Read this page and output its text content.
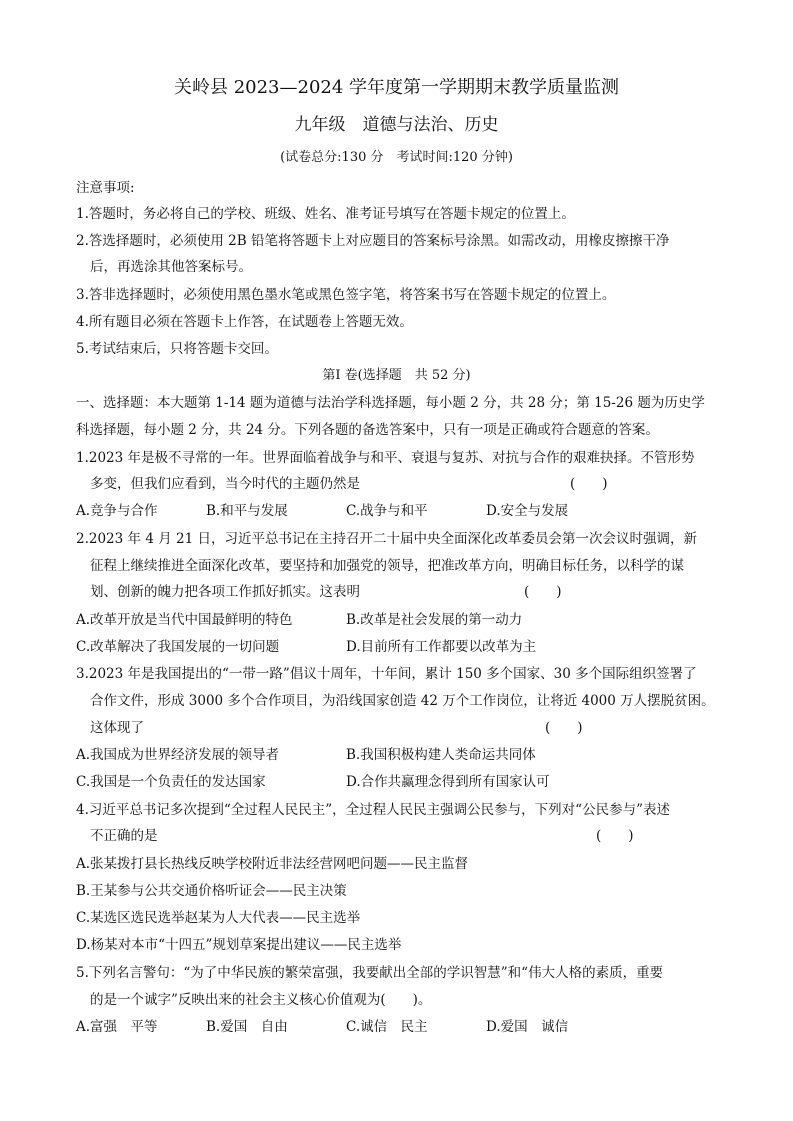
关岭县 2023—2024 学年度第一学期期末教学质量监测
九年级　道德与法治、历史
(试卷总分:130 分　考试时间:120 分钟)
注意事项:
1.答题时，务必将自己的学校、班级、姓名、准考证号填写在答题卡规定的位置上。
2.答选择题时，必须使用 2B 铅笔将答题卡上对应题目的答案标号涂黑。如需改动，用橡皮擦擦干净
后，再选涂其他答案标号。
3.答非选择题时，必须使用黑色墨水笔或黑色签字笔，将答案书写在答题卡规定的位置上。
4.所有题目必须在答题卡上作答，在试题卷上答题无效。
5.考试结束后，只将答题卡交回。
第Ⅰ 卷(选择题　共 52 分)
一、选择题：本大题第 1-14 题为道德与法治学科选择题，每小题 2 分，共 28 分；第 15-26 题为历史学
科选择题，每小题 2 分，共 24 分。下列各题的备选答案中，只有一项是正确或符合题意的答案。
1.2023 年是极不寻常的一年。世界面临着战争与和平、衰退与复苏、对抗与合作的艰难抉择。不管形势
多变，但我们应看到，当今时代的主题仍然是	(　　)
A.竞争与合作	B.和平与发展	C.战争与和平	D.安全与发展
2.2023 年 4 月 21 日，习近平总书记在主持召开二十届中央全面深化改革委员会第一次会议时强调，新
征程上继续推进全面深化改革，要坚持和加强党的领导，把准改革方向，明确目标任务，以科学的谋
划、创新的魄力把各项工作抓好抓实。这表明	(　　)
A.改革开放是当代中国最鲜明的特色	B.改革是社会发展的第一动力
C.改革解决了我国发展的一切问题	D.目前所有工作都要以改革为主
3.2023 年是我国提出的“一带一路”倡议十周年，十年间，累计 150 多个国家、30 多个国际组织签署了
合作文件，形成 3000 多个合作项目，为沿线国家创造 42 万个工作岗位，让将近 4000 万人摆脱贫困。
这体现了	(　　)
A.我国成为世界经济发展的领导者	B.我国积极构建人类命运共同体
C.我国是一个负责任的发达国家	D.合作共赢理念得到所有国家认可
4.习近平总书记多次提到“全过程人民民主”，全过程人民民主强调公民参与，下列对“公民参与”表述
不正确的是	(　　)
A.张某拨打县长热线反映学校附近非法经营网吧问题——民主监督
B.王某参与公共交通价格听证会——民主决策
C.某选区选民选举赵某为人大代表——民主选举
D.杨某对本市“十四五”规划草案提出建议——民主选举
5.下列名言警句：“为了中华民族的繁荣富强，我要献出全部的学识智慧”和“伟大人格的素质，重要
的是一个诚字”反映出来的社会主义核心价值观为(　　)。
A.富强　平等	B.爱国　自由	C.诚信　民主	D.爱国　诚信
